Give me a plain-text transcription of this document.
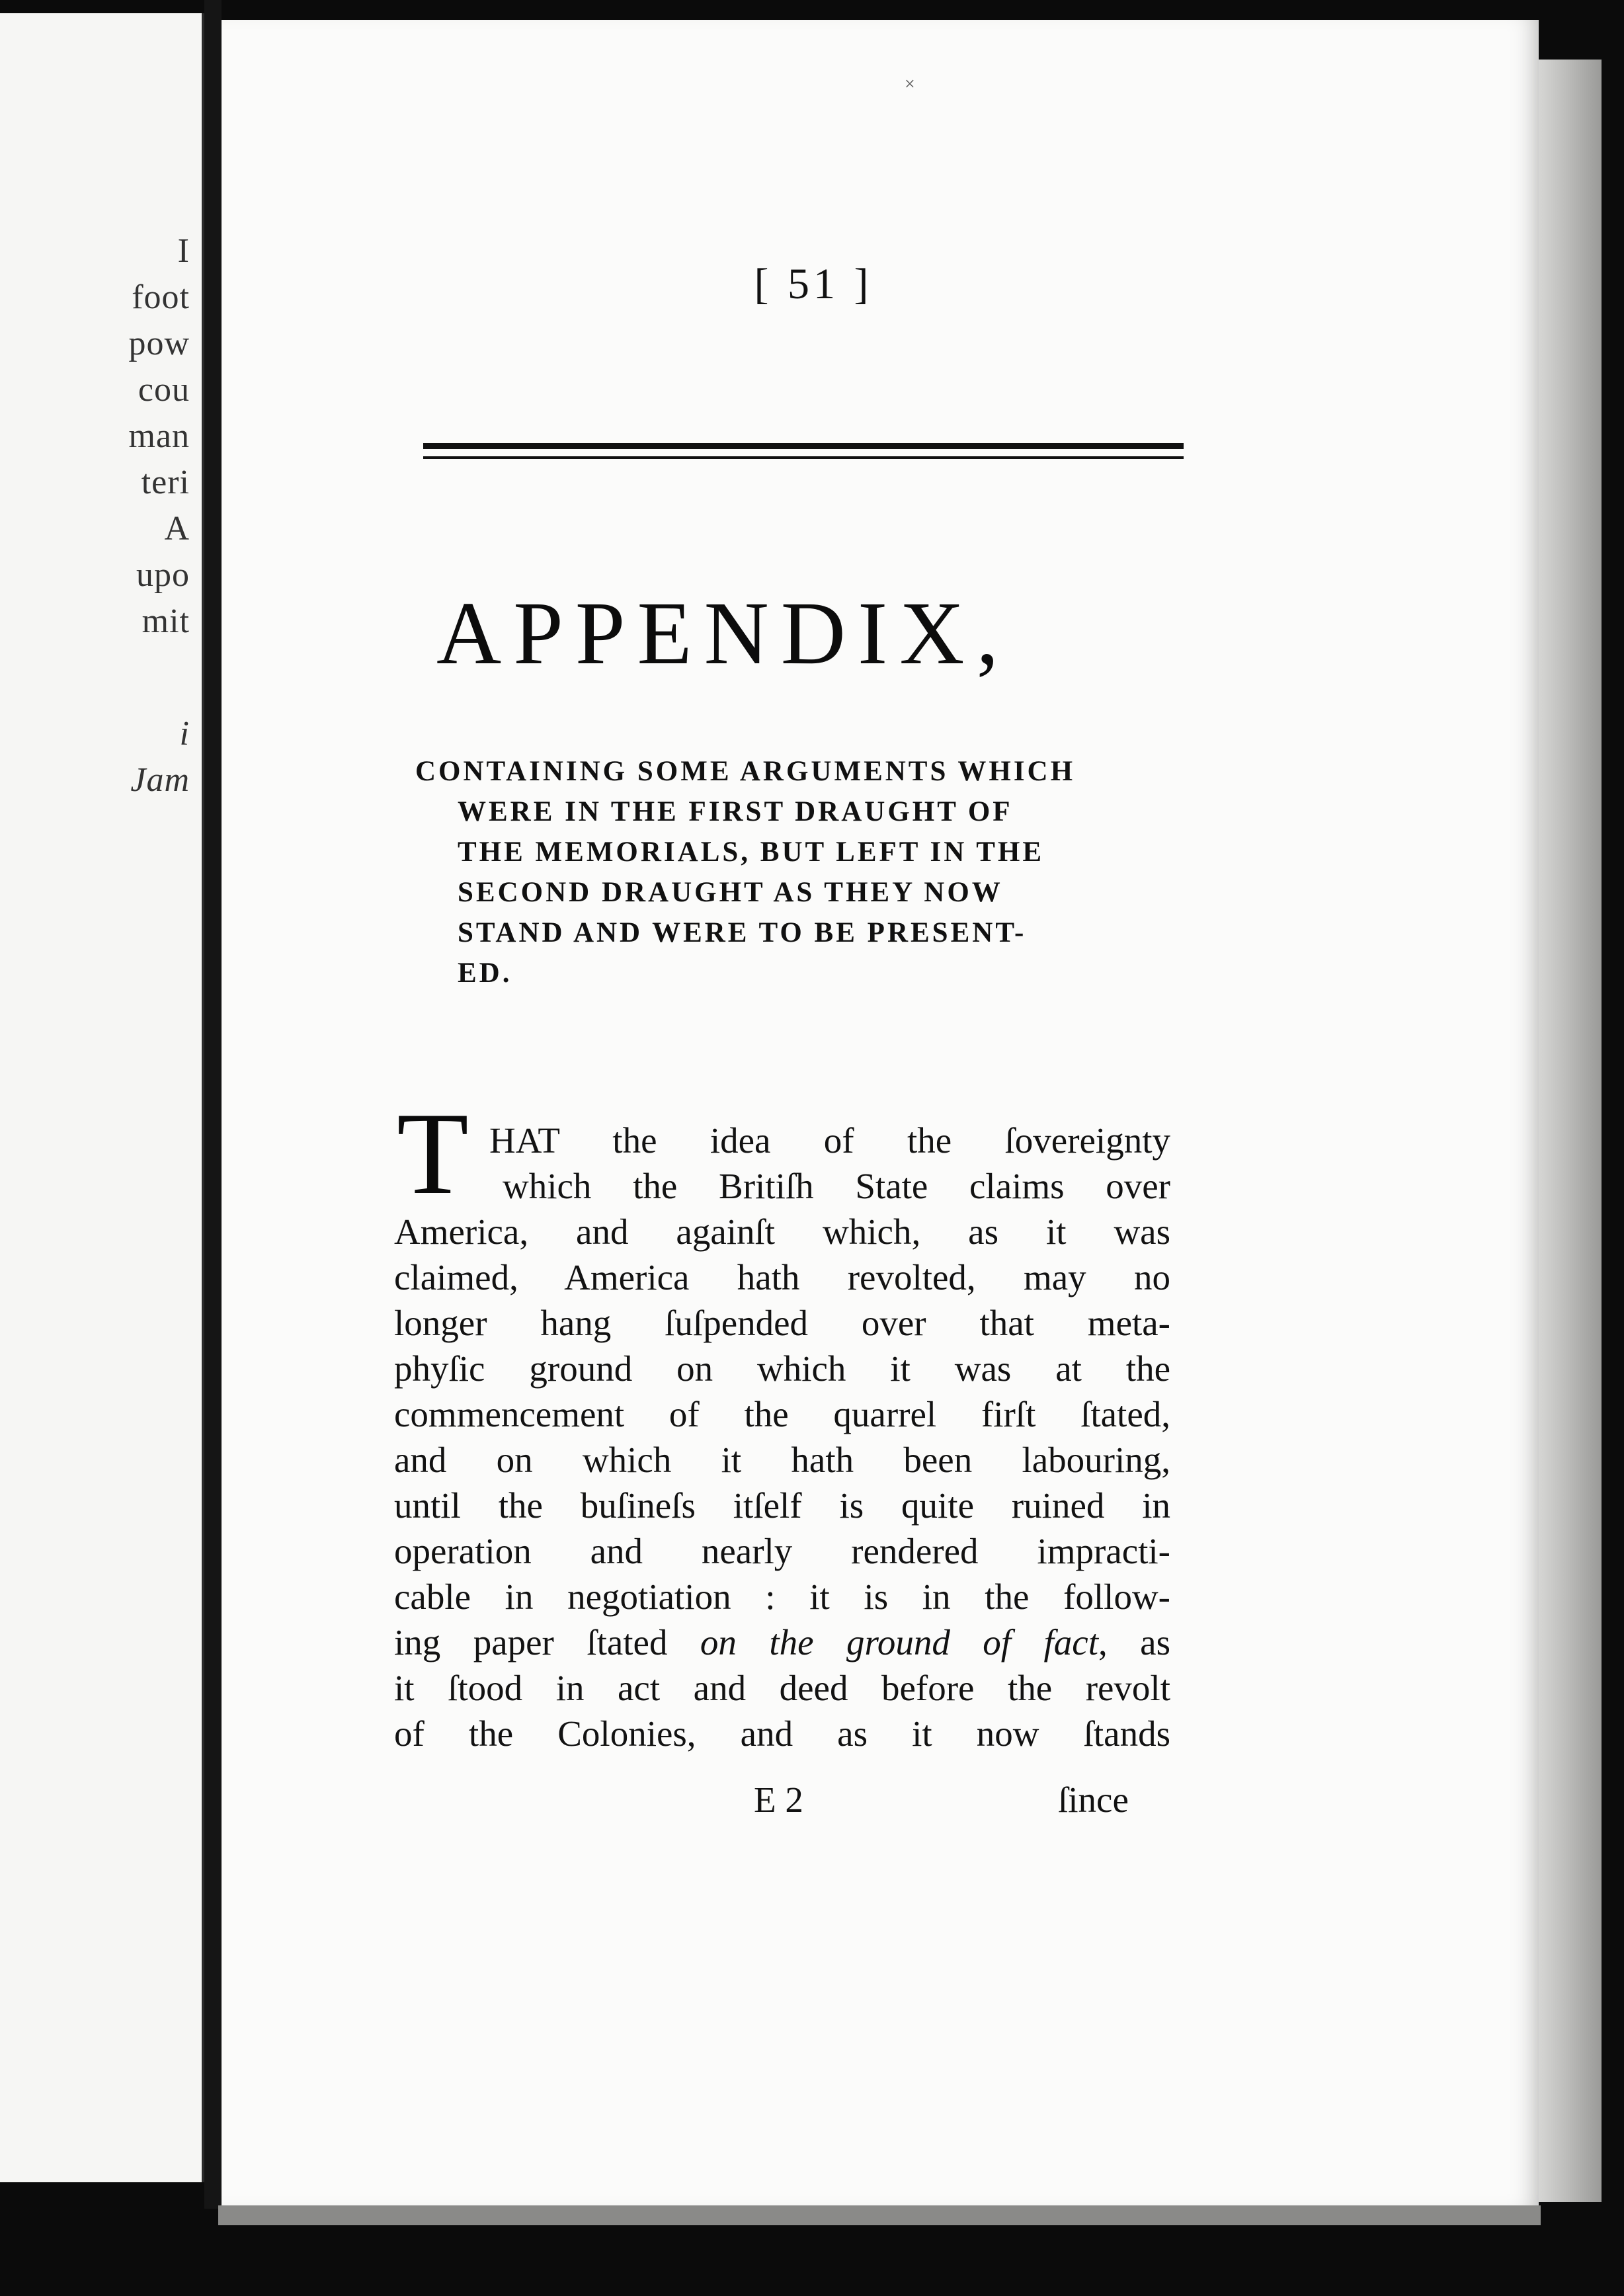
I
foot
pow
cou
man
teri
A
upo
mit
i
Jam
×
[ 51 ]
APPENDIX,
CONTAINING SOME ARGUMENTS WHICH
WERE IN THE FIRST DRAUGHT OF
THE MEMORIALS, BUT LEFT IN THE
SECOND DRAUGHT AS THEY NOW
STAND AND WERE TO BE PRESENT-
ED.
T HAT the idea of the ſovereignty
which the Britiſh State claims over
America, and againſt which, as it was
claimed, America hath revolted, may no
longer hang ſuſpended over that meta-
phyſic ground on which it was at the
commencement of the quarrel firſt ſtated,
and on which it hath been labouring,
until the buſineſs itſelf is quite ruined in
operation and nearly rendered impracti-
cable in negotiation : it is in the follow-
ing paper ſtated on the ground of fact, as
it ſtood in act and deed before the revolt
of the Colonies, and as it now ſtands
E 2	ſince
